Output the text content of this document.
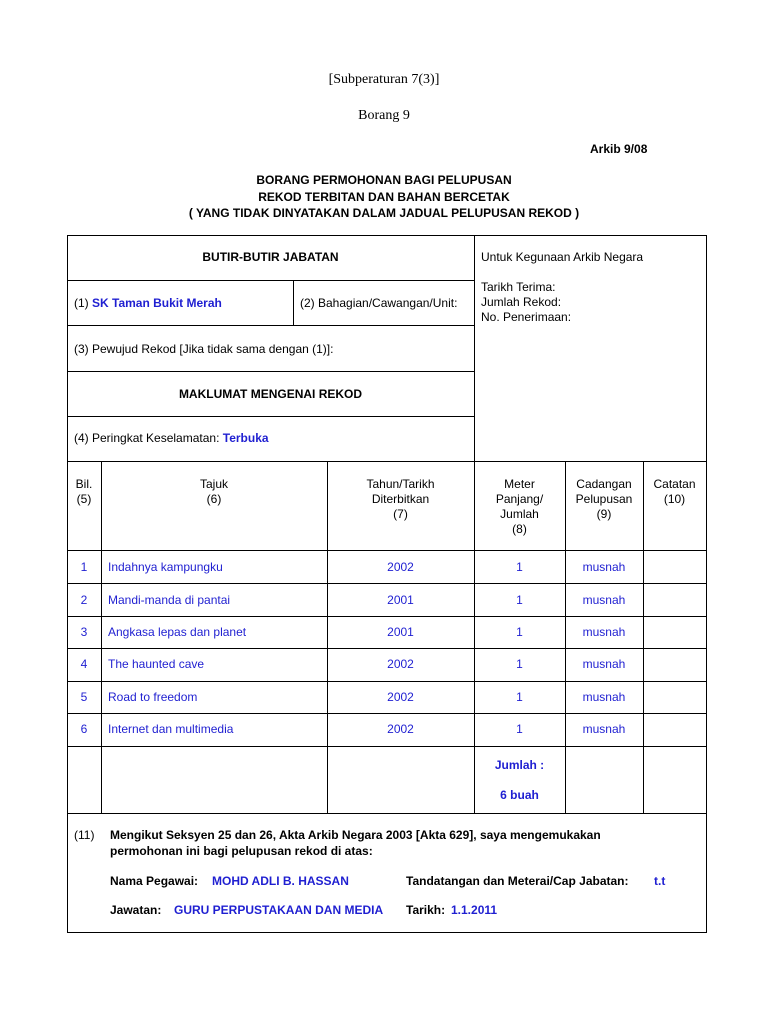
[Subperaturan 7(3)]
Borang 9
Arkib 9/08
BORANG PERMOHONAN BAGI PELUPUSAN
REKOD TERBITAN DAN BAHAN BERCETAK
( YANG TIDAK DINYATAKAN DALAM JADUAL PELUPUSAN REKOD )
BUTIR-BUTIR JABATAN
(1) SK Taman Bukit Merah	(2) Bahagian/Cawangan/Unit:
(3) Pewujud Rekod [Jika tidak sama dengan (1)]:
Untuk Kegunaan Arkib Negara
Tarikh Terima:
Jumlah Rekod:
No. Penerimaan:
MAKLUMAT MENGENAI REKOD
(4) Peringkat Keselamatan: Terbuka
Bil.
(5)
Tajuk
(6)
Tahun/Tarikh
Diterbitkan
(7)
Meter
Panjang/
Jumlah
(8)
Cadangan
Pelupusan
(9)
Catatan
(10)
1	Indahnya kampungku	2002	1	musnah
2	Mandi-manda di pantai	2001	1	musnah
3	Angkasa lepas dan planet	2001	1	musnah
4	The haunted cave	2002	1	musnah
5	Road to freedom	2002	1	musnah
6	Internet dan multimedia	2002	1	musnah
Jumlah :
6 buah
(11) Mengikut Seksyen 25 dan 26, Akta Arkib Negara 2003 [Akta 629], saya mengemukakan
permohonan ini bagi pelupusan rekod di atas:
Nama Pegawai: MOHD ADLI B. HASSAN	Tandatangan dan Meterai/Cap Jabatan: t.t
Jawatan: GURU PERPUSTAKAAN DAN MEDIA Tarikh: 1.1.2011
